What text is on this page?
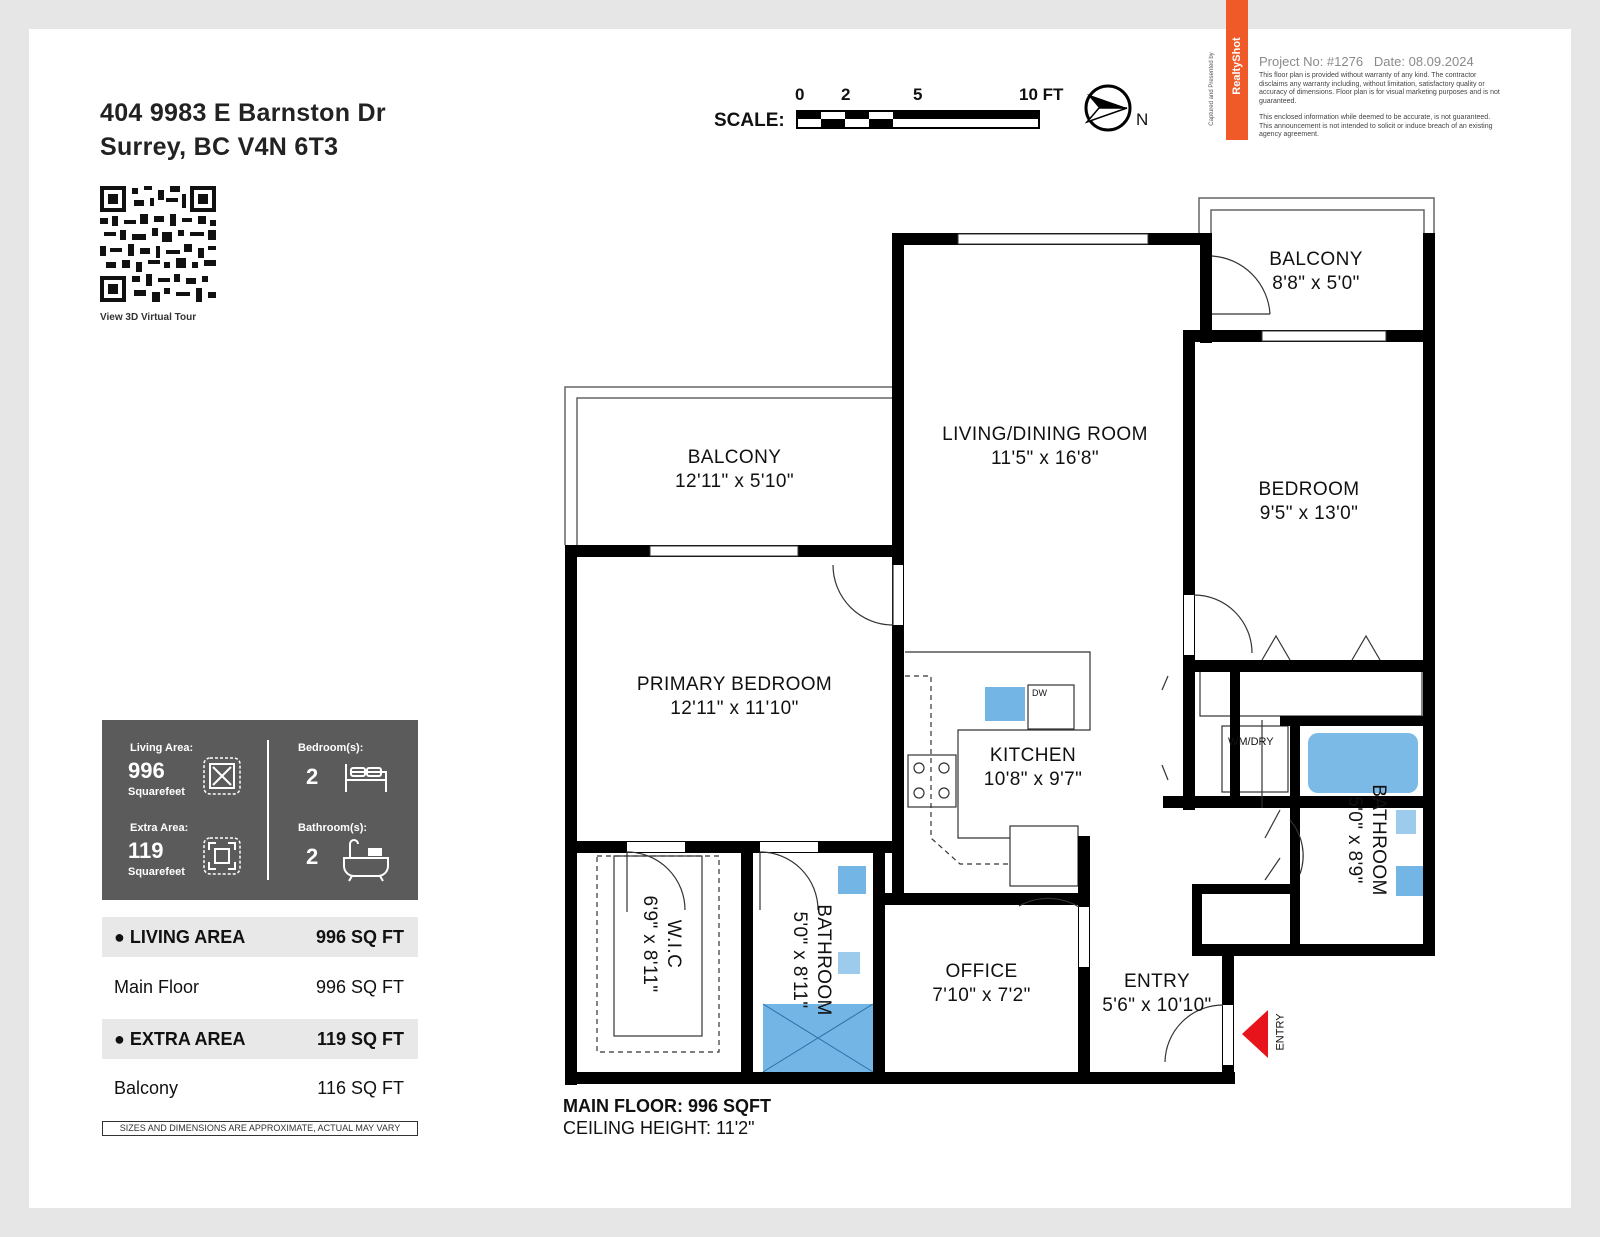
404 9983 E Barnston Dr
Surrey, BC V4N 6T3
View 3D Virtual Tour
SCALE:
0 2	5	10 FT
N
RealtyShot
Captured and Presented by	Project No: #1276 Date: 08.09.2024
This floor plan is provided without warranty of any kind. The contractor disclaims any warranty including, without limitation, satisfactory quality or accuracy of dimensions. Floor plan is for visual marketing purposes and is not guaranteed.
This enclosed information while deemed to be accurate, is not guaranteed. This announcement is not intended to solicit or induce breach of an existing agency agreement.
Living Area:
996
Squarefeet
Extra Area:
119
Squarefeet
Bedroom(s):
2
Bathroom(s):
2
● LIVING AREA	996 SQ FT
Main Floor	996 SQ FT
● EXTRA AREA	119 SQ FT
Balcony	116 SQ FT
SIZES AND DIMENSIONS ARE APPROXIMATE, ACTUAL MAY VARY
BALCONY
8'8" x 5'0"
LIVING/DINING ROOM
11'5" x 16'8"
BEDROOM
9'5" x 13'0"
BALCONY
12'11" x 5'10"
PRIMARY BEDROOM
12'11" x 11'10"
KITCHEN
10'8" x 9'7"
OFFICE
7'10" x 7'2"
ENTRY
5'6" x 10'10"
W.I.C
6'9" x 8'11"	BATHROOM
5'0" x 8'11"
BATHROOM
5'0" x 8'9"
WM/DRY
DW
ENTRY
MAIN FLOOR: 996 SQFT
CEILING HEIGHT: 11'2"
